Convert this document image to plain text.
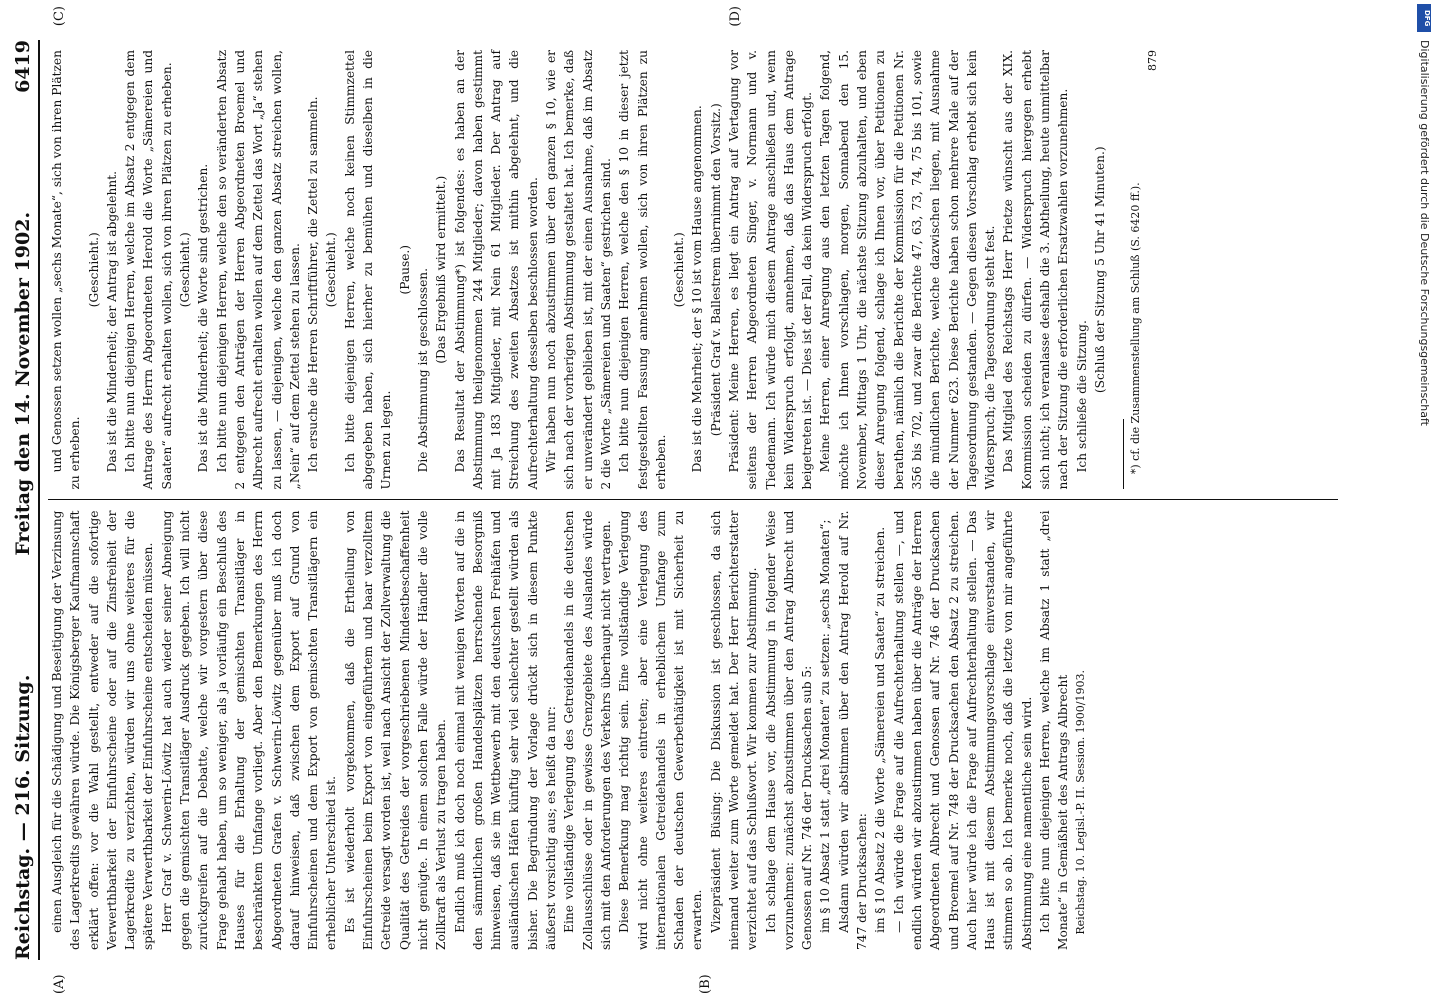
Reichstag. — 216. Sitzung.
Freitag den 14. November 1902.
6419
(A)	(B)
(C)	(D)

einen Ausgleich für die Schädigung und Beseitigung der Verzinsung des Lagerkredits gewähren würde. Die Königsberger Kaufmannschaft erklärt offen: vor die Wahl gestellt, entweder auf die sofortige Verwerthbarkeit der Einfuhrscheine oder auf die Zinsfreiheit der Lagerkredite zu verzichten, würden wir uns ohne weiteres für die spätere Verwerthbarkeit der Einfuhrscheine entscheiden müssen. Herr Graf v. Schwerin-Löwitz hat auch wieder seiner Abneigung gegen die gemischten Transitläger Ausdruck gegeben. Ich will nicht zurückgreifen auf die Debatte, welche wir vorgestern über diese Frage gehabt haben, um so weniger, als ja vorläufig ein Beschluß des Hauses für die Erhaltung der gemischten Transitläger in beschränktem Umfange vorliegt. Aber den Bemerkungen des Herrn Abgeordneten Grafen v. Schwerin-Löwitz gegenüber muß ich doch darauf hinweisen, daß zwischen dem Export auf Grund von Einfuhrscheinen und dem Export von gemischten Transitlägern ein erheblicher Unterschied ist. Es ist wiederholt vorgekommen, daß die Ertheilung von Einfuhrscheinen beim Export von eingeführtem und baar verzolltem Getreide versagt worden ist, weil nach Ansicht der Zollverwaltung die Qualität des Getreides der vorgeschriebenen Mindestbeschaffenheit nicht genügte. In einem solchen Falle würde der Händler die volle Zollkraft als Verlust zu tragen haben. Endlich muß ich doch noch einmal mit wenigen Worten auf die in den sämmtlichen großen Handelsplätzen herrschende Besorgniß hinweisen, daß sie im Wettbewerb mit den deutschen Freihäfen und ausländischen Häfen künftig sehr viel schlechter gestellt würden als bisher. Die Begründung der Vorlage drückt sich in diesem Punkte äußerst vorsichtig aus; es heißt da nur: Eine vollständige Verlegung des Getreidehandels in die deutschen Zollausschlüsse oder in gewisse Grenzgebiete des Auslandes würde sich mit den Anforderungen des Verkehrs überhaupt nicht vertragen. Diese Bemerkung mag richtig sein. Eine vollständige Verlegung wird nicht ohne weiteres eintreten; aber eine Verlegung des internationalen Getreidehandels in erheblichem Umfange zum Schaden der deutschen Gewerbethätigkeit ist mit Sicherheit zu erwarten. Vizepräsident Büsing: Die Diskussion ist geschlossen, da sich niemand weiter zum Worte gemeldet hat. Der Herr Berichterstatter verzichtet auf das Schlußwort. Wir kommen zur Abstimmung. Ich schlage dem Hause vor, die Abstimmung in folgender Weise vorzunehmen: zunächst abzustimmen über den Antrag Albrecht und Genossen auf Nr. 746 der Drucksachen sub 5: im § 10 Absatz 1 statt „drei Monaten“ zu setzen: „sechs Monaten“; Alsdann würden wir abstimmen über den Antrag Herold auf Nr. 747 der Drucksachen: im § 10 Absatz 2 die Worte „Sämereien und Saaten“ zu streichen. — Ich würde die Frage auf die Aufrechterhaltung stellen —, und endlich würden wir abzustimmen haben über die Anträge der Herren Abgeordneten Albrecht und Genossen auf Nr. 746 der Drucksachen und Broemel auf Nr. 748 der Drucksachen den Absatz 2 zu streichen. Auch hier würde ich die Frage auf Aufrechterhaltung stellen. — Das Haus ist mit diesem Abstimmungsvorschlage einverstanden, wir stimmen so ab. Ich bemerke noch, daß die letzte von mir angeführte Abstimmung eine namentliche sein wird. Ich bitte nun diejenigen Herren, welche im Absatz 1 statt „drei Monate“ in Gemäßheit des Antrags Albrecht Reichstag. 10. Legisl.-P. II. Session. 1900/1903.

und Genossen setzen wollen „sechs Monate“, sich von ihren Plätzen zu erheben.

(Geschieht.) Das ist die Minderheit; der Antrag ist abgelehnt. Ich bitte nun diejenigen Herren, welche im Absatz 2 entgegen dem Antrage des Herrn Abgeordneten Herold die Worte „Sämereien und Saaten“ aufrecht erhalten wollen, sich von ihren Plätzen zu erheben. (Geschieht.) Das ist die Minderheit; die Worte sind gestrichen. Ich bitte nun diejenigen Herren, welche den so veränderten Absatz 2 entgegen den Anträgen der Herren Abgeordneten Broemel und Albrecht aufrecht erhalten wollen auf dem Zettel das Wort „Ja“ stehen zu lassen, — diejenigen, welche den ganzen Absatz streichen wollen, „Nein“ auf dem Zettel stehen zu lassen. Ich ersuche die Herren Schriftführer, die Zettel zu sammeln. (Geschieht.) Ich bitte diejenigen Herren, welche noch keinen Stimmzettel abgegeben haben, sich hierher zu bemühen und dieselben in die Urnen zu legen.

(Pause.) Die Abstimmung ist geschlossen. (Das Ergebniß wird ermittelt.) Das Resultat der Abstimmung*) ist folgendes: es haben an der Abstimmung theilgenommen 244 Mitglieder; davon haben gestimmt mit Ja 183 Mitglieder, mit Nein 61 Mitglieder. Der Antrag auf Streichung des zweiten Absatzes ist mithin abgelehnt, und die Aufrechterhaltung desselben beschlossen worden. Wir haben nun noch abzustimmen über den ganzen § 10, wie er sich nach der vorherigen Abstimmung gestaltet hat. Ich bemerke, daß er unverändert geblieben ist, mit der einen Ausnahme, daß im Absatz 2 die Worte „Sämereien und Saaten“ gestrichen sind. Ich bitte nun diejenigen Herren, welche den § 10 in dieser jetzt festgestellten Fassung annehmen wollen, sich von ihren Plätzen zu erheben.

(Geschieht.) Das ist die Mehrheit; der § 10 ist vom Hause angenommen. (Präsident Graf v. Ballestrem übernimmt den Vorsitz.) Präsident: Meine Herren, es liegt ein Antrag auf Vertagung vor seitens der Herren Abgeordneten Singer, v. Normann und v. Tiedemann. Ich würde mich diesem Antrage anschließen und, wenn kein Widerspruch erfolgt, annehmen, daß das Haus dem Antrage beigetreten ist. — Dies ist der Fall, da kein Widerspruch erfolgt. Meine Herren, einer Anregung aus den letzten Tagen folgend, möchte ich Ihnen vorschlagen, morgen, Sonnabend den 15. November, Mittags 1 Uhr, die nächste Sitzung abzuhalten, und eben dieser Anregung folgend, schlage ich Ihnen vor, über Petitionen zu berathen, nämlich die Berichte der Kommission für die Petitionen Nr. 356 bis 702, und zwar die Berichte 47, 63, 73, 74, 75 bis 101, sowie die mündlichen Berichte, welche dazwischen liegen, mit Ausnahme der Nummer 623. Diese Berichte haben schon mehrere Male auf der Tagesordnung gestanden. — Gegen diesen Vorschlag erhebt sich kein Widerspruch; die Tagesordnung steht fest. Das Mitglied des Reichstags Herr Prietze wünscht aus der XIX. Kommission scheiden zu dürfen. — Widerspruch hiergegen erhebt sich nicht; ich veranlasse deshalb die 3. Abtheilung, heute unmittelbar nach der Sitzung die erforderlichen Ersatzwahlen vorzunehmen. Ich schließe die Sitzung.

(Schluß der Sitzung 5 Uhr 41 Minuten.) *) cf. die Zusammenstellung am Schluß (S. 6420 ff.).

879	Digitalisierung gefördert durch die Deutsche Forschungsgemeinschaft
DFG
